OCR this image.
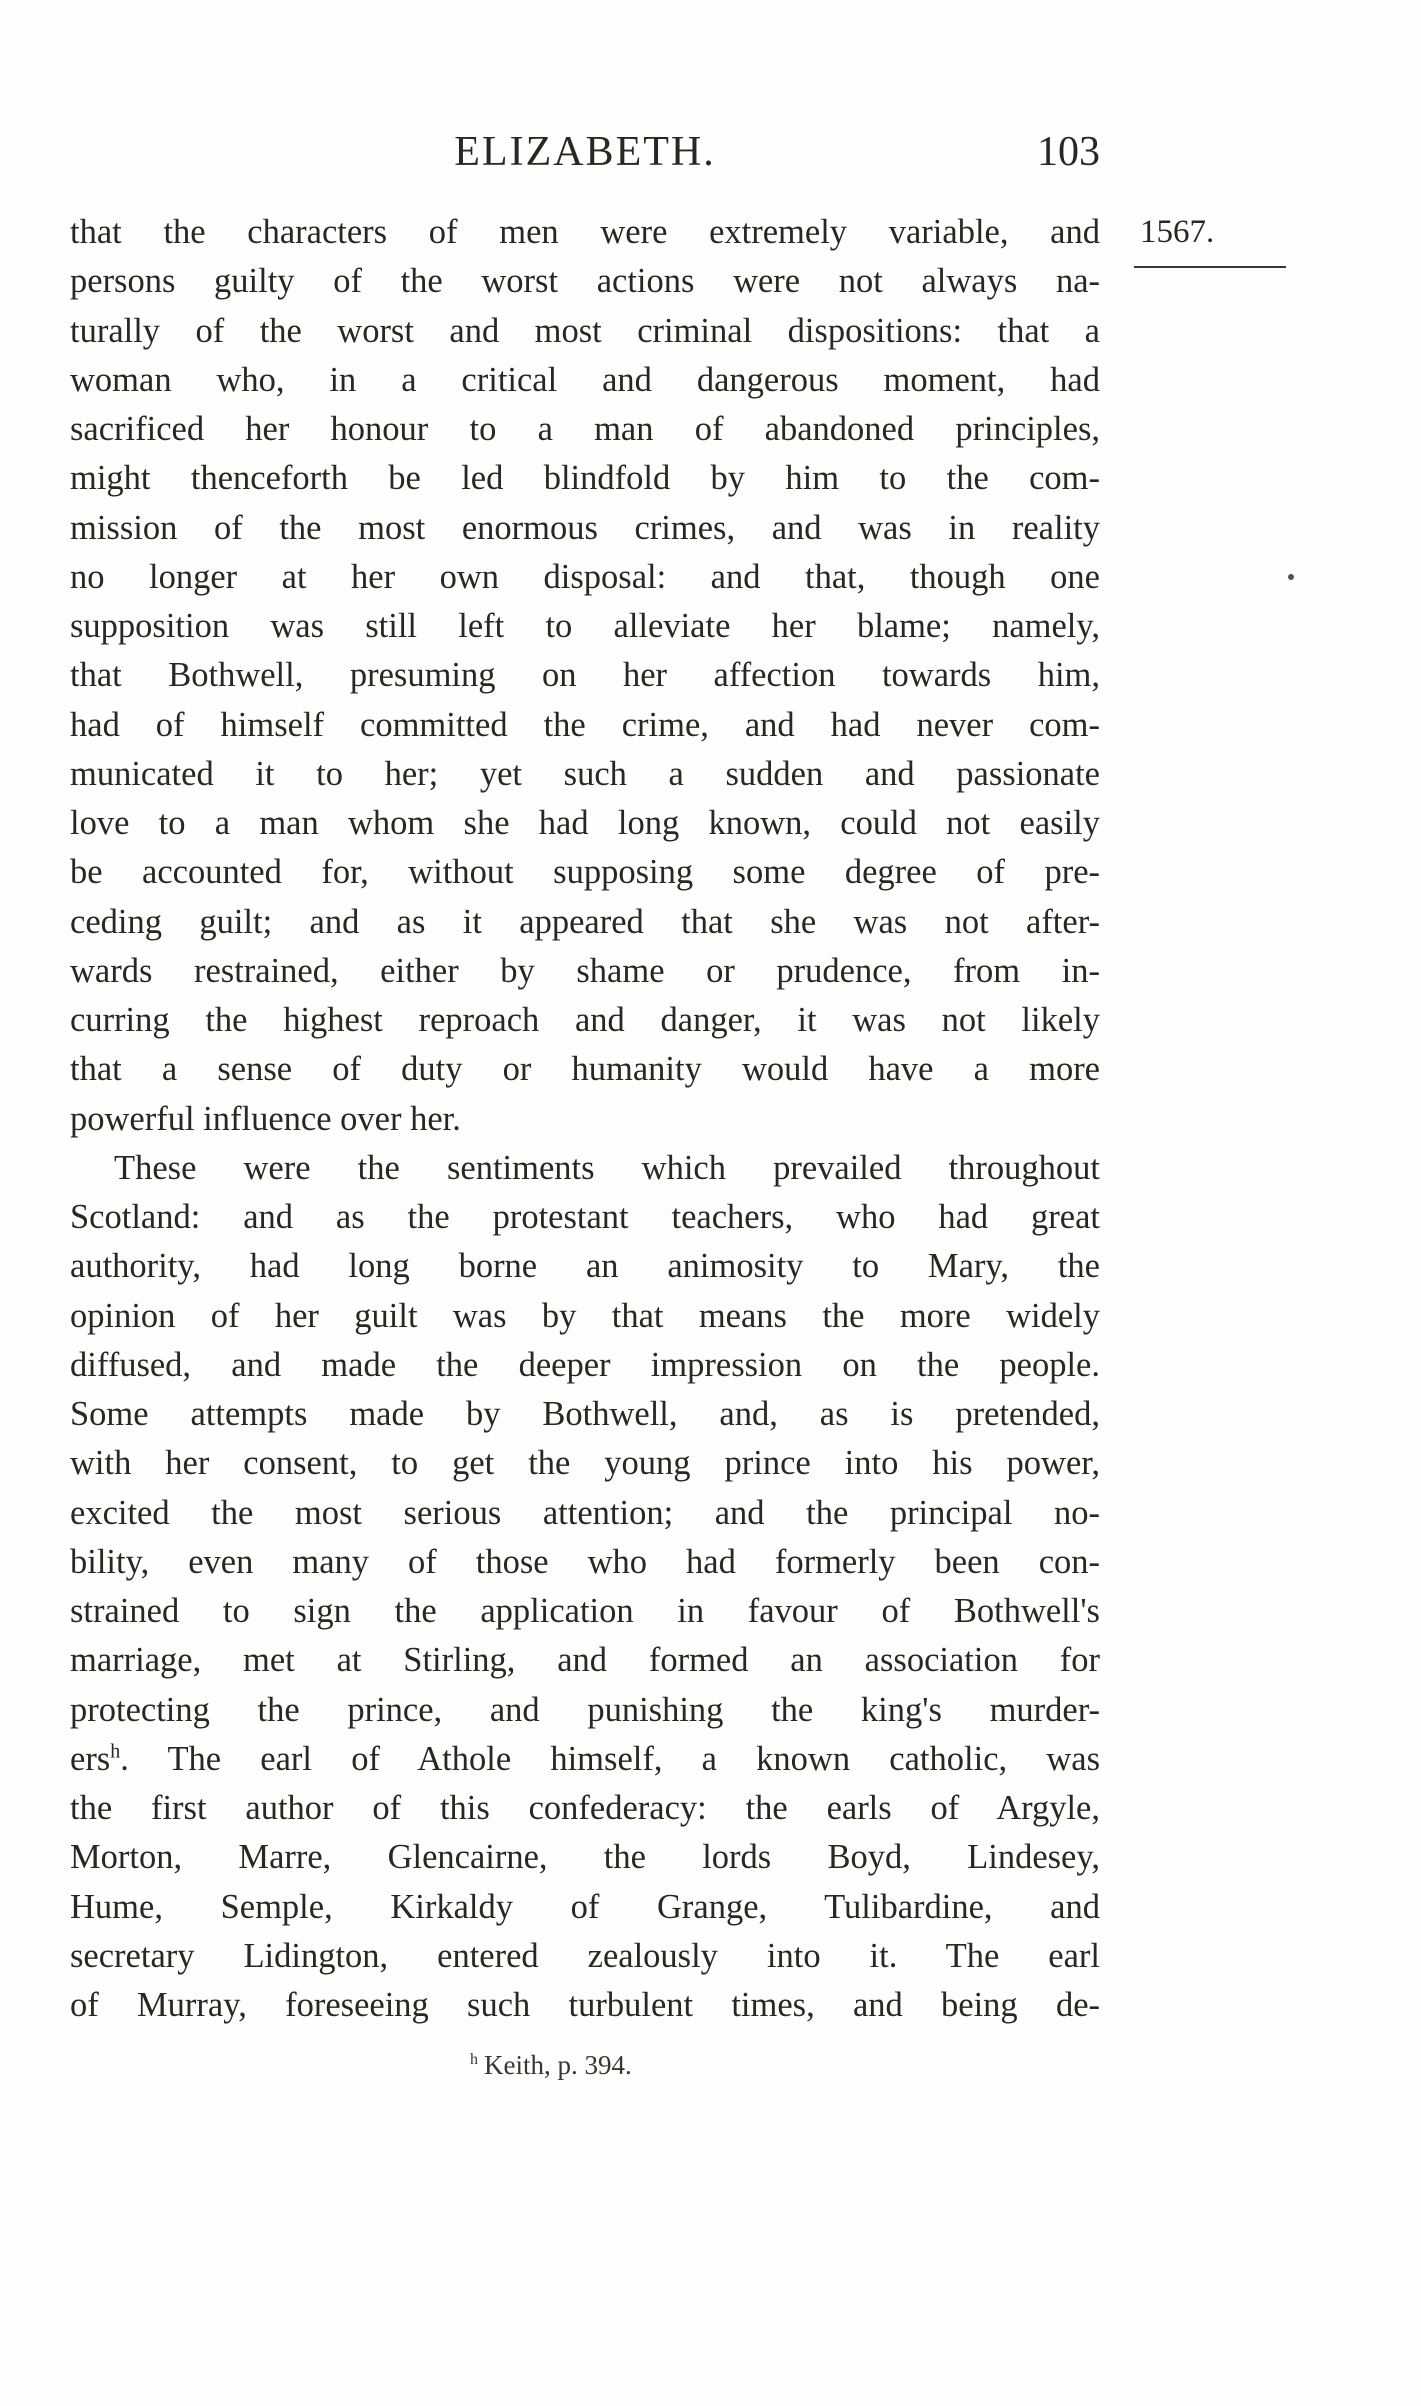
ELIZABETH.	103
1567.
that the characters of men were extremely variable, and
persons guilty of the worst actions were not always na-
turally of the worst and most criminal dispositions: that a
woman who, in a critical and dangerous moment, had
sacrificed her honour to a man of abandoned principles,
might thenceforth be led blindfold by him to the com-
mission of the most enormous crimes, and was in reality
no longer at her own disposal: and that, though one
supposition was still left to alleviate her blame; namely,
that Bothwell, presuming on her affection towards him,
had of himself committed the crime, and had never com-
municated it to her; yet such a sudden and passionate
love to a man whom she had long known, could not easily
be accounted for, without supposing some degree of pre-
ceding guilt; and as it appeared that she was not after-
wards restrained, either by shame or prudence, from in-
curring the highest reproach and danger, it was not likely
that a sense of duty or humanity would have a more
powerful influence over her.
These were the sentiments which prevailed throughout
Scotland: and as the protestant teachers, who had great
authority, had long borne an animosity to Mary, the
opinion of her guilt was by that means the more widely
diffused, and made the deeper impression on the people.
Some attempts made by Bothwell, and, as is pretended,
with her consent, to get the young prince into his power,
excited the most serious attention; and the principal no-
bility, even many of those who had formerly been con-
strained to sign the application in favour of Bothwell's
marriage, met at Stirling, and formed an association for
protecting the prince, and punishing the king's murder-
ers$^h$. The earl of Athole himself, a known catholic, was
the first author of this confederacy: the earls of Argyle,
Morton, Marre, Glencairne, the lords Boyd, Lindesey,
Hume, Semple, Kirkaldy of Grange, Tulibardine, and
secretary Lidington, entered zealously into it. The earl
of Murray, foreseeing such turbulent times, and being de-
$^h$ Keith, p. 394.
